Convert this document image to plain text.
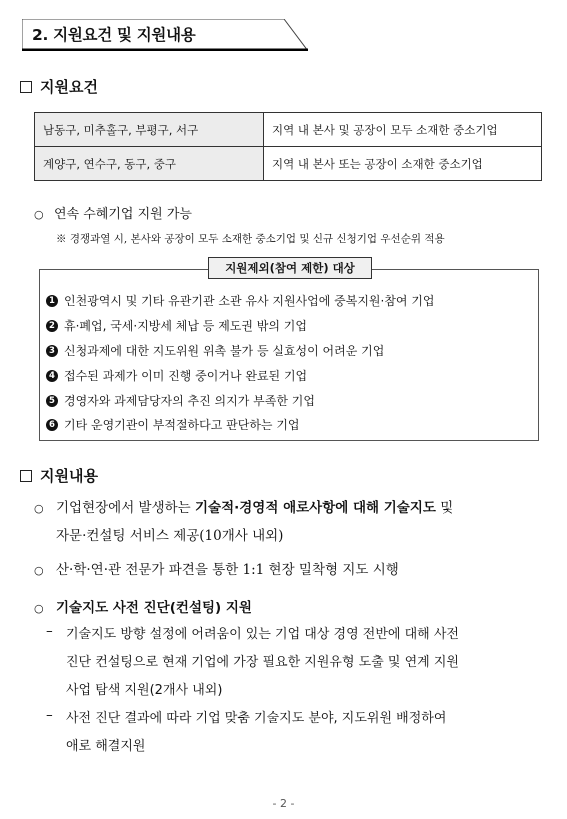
2. 지원요건 및 지원내용
지원요건
남동구, 미추홀구, 부평구, 서구	지역 내 본사 및 공장이 모두 소재한 중소기업
계양구, 연수구, 동구, 중구	지역 내 본사 또는 공장이 소재한 중소기업
○ 연속 수혜기업 지원 가능
※ 경쟁과열 시, 본사와 공장이 모두 소재한 중소기업 및 신규 신청기업 우선순위 적용
지원제외(참여 제한) 대상
1 인천광역시 및 기타 유관기관 소관 유사 지원사업에 중복지원·참여 기업
2 휴·폐업, 국세·지방세 체납 등 제도권 밖의 기업
3 신청과제에 대한 지도위원 위촉 불가 등 실효성이 어려운 기업
4 접수된 과제가 이미 진행 중이거나 완료된 기업
5 경영자와 과제담당자의 추진 의지가 부족한 기업
6 기타 운영기관이 부적절하다고 판단하는 기업
지원내용
○ 기업현장에서 발생하는 기술적·경영적 애로사항에 대해 기술지도 및
자문·컨설팅 서비스 제공(10개사 내외)
○ 산·학·연·관 전문가 파견을 통한 1:1 현장 밀착형 지도 시행
○ 기술지도 사전 진단(컨설팅) 지원
– 기술지도 방향 설정에 어려움이 있는 기업 대상 경영 전반에 대해 사전
진단 컨설팅으로 현재 기업에 가장 필요한 지원유형 도출 및 연계 지원
사업 탐색 지원(2개사 내외)
– 사전 진단 결과에 따라 기업 맞춤 기술지도 분야, 지도위원 배정하여
애로 해결지원
- 2 -
